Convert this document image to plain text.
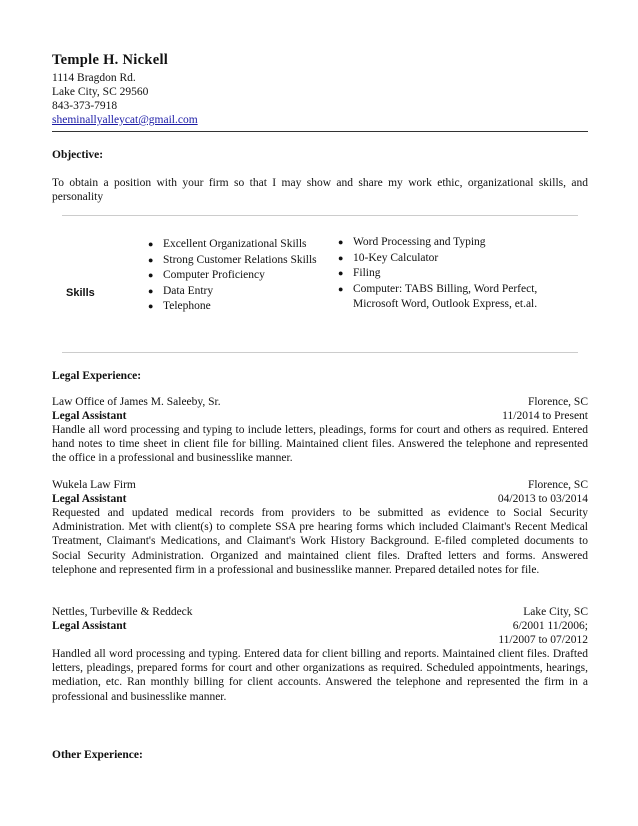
Temple H. Nickell
1114 Bragdon Rd.
Lake City, SC 29560
843-373-7918
sheminallyalleycat@gmail.com
Objective:
To obtain a position with your firm so that I may show and share my work ethic, organizational skills, and personality
Skills
● Excellent Organizational Skills
● Strong Customer Relations Skills
● Computer Proficiency
● Data Entry
● Telephone
● Word Processing and Typing
● 10-Key Calculator
● Filing
● Computer: TABS Billing, Word Perfect, Microsoft Word, Outlook Express, et.al.
Legal Experience:
Law Office of James M. Saleeby, Sr.	Florence, SC
Legal Assistant	11/2014 to Present
Handle all word processing and typing to include letters, pleadings, forms for court and others as required. Entered hand notes to time sheet in client file for billing. Maintained client files. Answered the telephone and represented the office in a professional and businesslike manner.
Wukela Law Firm	Florence, SC
Legal Assistant	04/2013 to 03/2014
Requested and updated medical records from providers to be submitted as evidence to Social Security Administration. Met with client(s) to complete SSA pre hearing forms which included Claimant's Recent Medical Treatment, Claimant's Medications, and Claimant's Work History Background. E-filed completed documents to Social Security Administration. Organized and maintained client files. Drafted letters and forms. Answered telephone and represented firm in a professional and businesslike manner. Prepared detailed notes for file.
Nettles, Turbeville & Reddeck	Lake City, SC
Legal Assistant	6/2001 11/2006;
11/2007 to 07/2012
Handled all word processing and typing. Entered data for client billing and reports. Maintained client files. Drafted letters, pleadings, prepared forms for court and other organizations as required. Scheduled appointments, hearings, mediation, etc. Ran monthly billing for client accounts. Answered the telephone and represented the firm in a professional and businesslike manner.
Other Experience:
